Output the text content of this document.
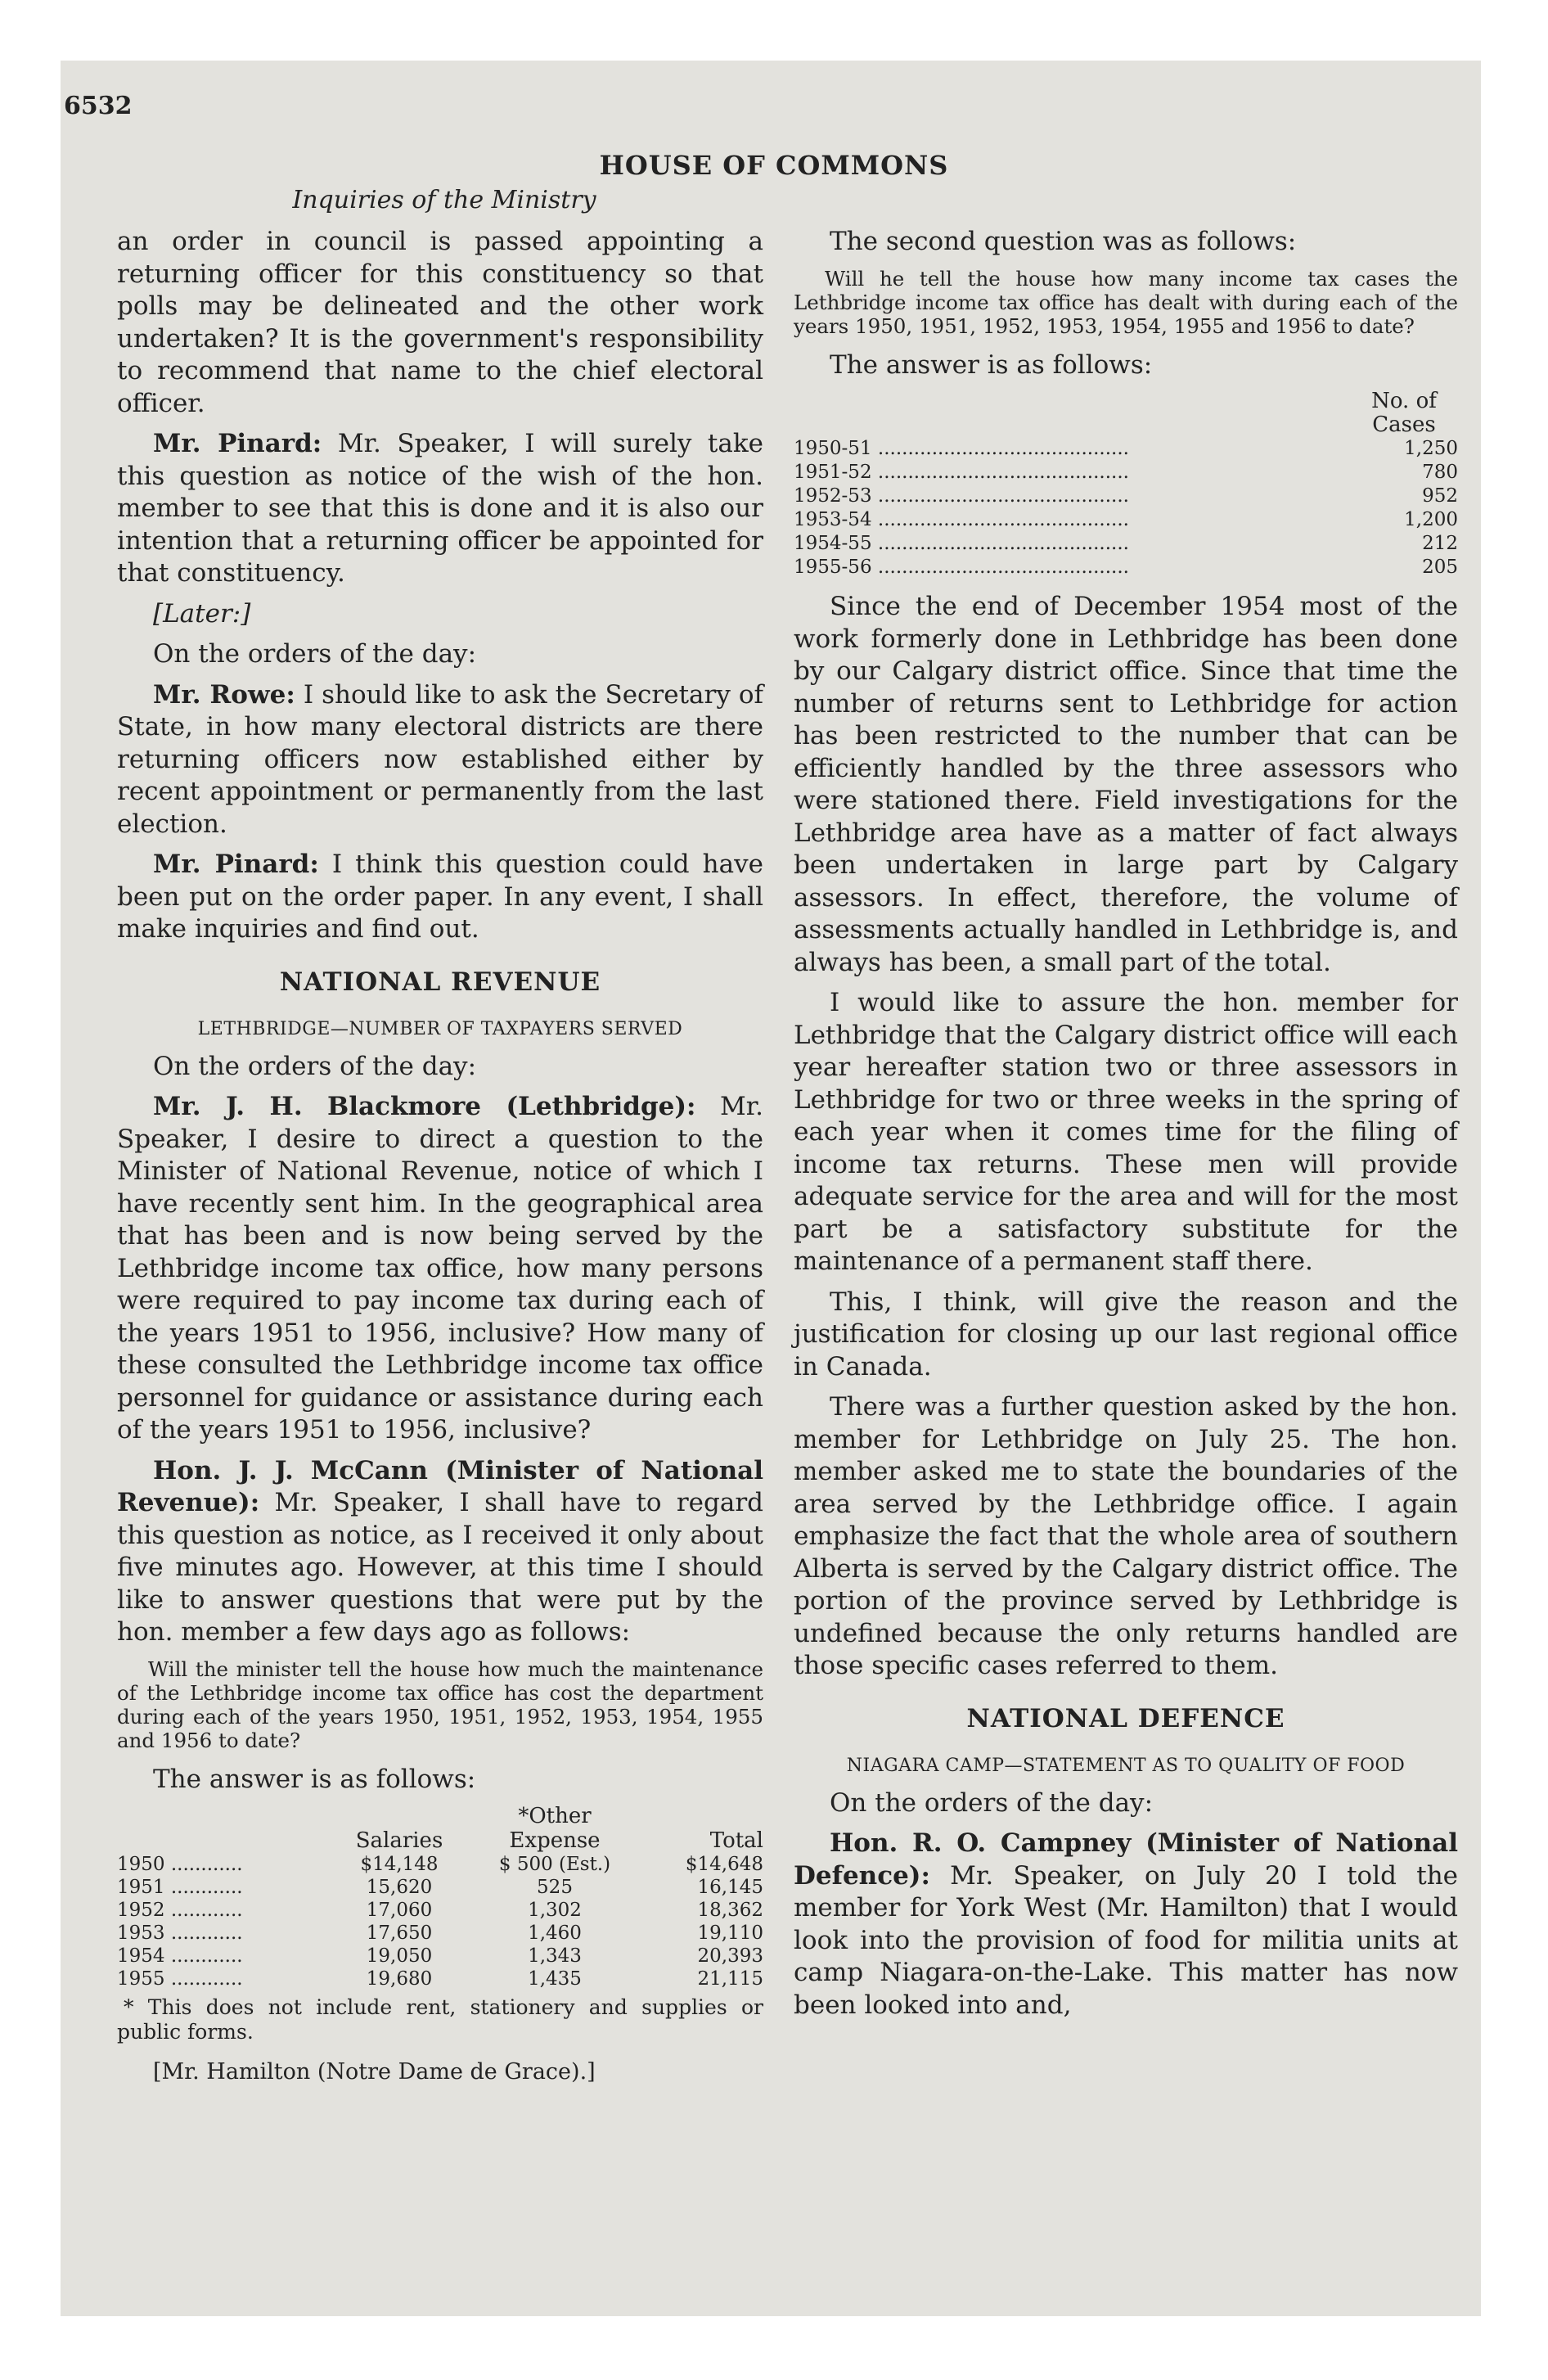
6532
HOUSE OF COMMONS
Inquiries of the Ministry

an order in council is passed appointing a returning officer for this constituency so that polls may be delineated and the other work undertaken? It is the government's responsibility to recommend that name to the chief electoral officer.

Mr. Pinard: Mr. Speaker, I will surely take this question as notice of the wish of the hon. member to see that this is done and it is also our intention that a returning officer be appointed for that constituency.

[Later:]

On the orders of the day:

Mr. Rowe: I should like to ask the Secretary of State, in how many electoral districts are there returning officers now established either by recent appointment or permanently from the last election.

Mr. Pinard: I think this question could have been put on the order paper. In any event, I shall make inquiries and find out.

NATIONAL REVENUE
LETHBRIDGE—NUMBER OF TAXPAYERS SERVED

On the orders of the day:

Mr. J. H. Blackmore (Lethbridge): Mr. Speaker, I desire to direct a question to the Minister of National Revenue, notice of which I have recently sent him. In the geographical area that has been and is now being served by the Lethbridge income tax office, how many persons were required to pay income tax during each of the years 1951 to 1956, inclusive? How many of these consulted the Lethbridge income tax office personnel for guidance or assistance during each of the years 1951 to 1956, inclusive?

Hon. J. J. McCann (Minister of National Revenue): Mr. Speaker, I shall have to regard this question as notice, as I received it only about five minutes ago. However, at this time I should like to answer questions that were put by the hon. member a few days ago as follows:

Will the minister tell the house how much the maintenance of the Lethbridge income tax office has cost the department during each of the years 1950, 1951, 1952, 1953, 1954, 1955 and 1956 to date?

The answer is as follows:

		*Other	
	Salaries	Expense	Total
1950 ............	$14,148	$ 500 (Est.)	$14,648
1951 ............	15,620	525	16,145
1952 ............	17,060	1,302	18,362
1953 ............	17,650	1,460	19,110
1954 ............	19,050	1,343	20,393
1955 ............	19,680	1,435	21,115
* This does not include rent, stationery and supplies or public forms.

[Mr. Hamilton (Notre Dame de Grace).]

The second question was as follows:

Will he tell the house how many income tax cases the Lethbridge income tax office has dealt with during each of the years 1950, 1951, 1952, 1953, 1954, 1955 and 1956 to date?

The answer is as follows:

	No. of
	Cases
1950-51 ..........................................	1,250
1951-52 ..........................................	780
1952-53 ..........................................	952
1953-54 ..........................................	1,200
1954-55 ..........................................	212
1955-56 ..........................................	205

Since the end of December 1954 most of the work formerly done in Lethbridge has been done by our Calgary district office. Since that time the number of returns sent to Lethbridge for action has been restricted to the number that can be efficiently handled by the three assessors who were stationed there. Field investigations for the Lethbridge area have as a matter of fact always been undertaken in large part by Calgary assessors. In effect, therefore, the volume of assessments actually handled in Lethbridge is, and always has been, a small part of the total.

I would like to assure the hon. member for Lethbridge that the Calgary district office will each year hereafter station two or three assessors in Lethbridge for two or three weeks in the spring of each year when it comes time for the filing of income tax returns. These men will provide adequate service for the area and will for the most part be a satisfactory substitute for the maintenance of a permanent staff there.

This, I think, will give the reason and the justification for closing up our last regional office in Canada.

There was a further question asked by the hon. member for Lethbridge on July 25. The hon. member asked me to state the boundaries of the area served by the Lethbridge office. I again emphasize the fact that the whole area of southern Alberta is served by the Calgary district office. The portion of the province served by Lethbridge is undefined because the only returns handled are those specific cases referred to them.

NATIONAL DEFENCE
NIAGARA CAMP—STATEMENT AS TO QUALITY OF FOOD

On the orders of the day:

Hon. R. O. Campney (Minister of National Defence): Mr. Speaker, on July 20 I told the member for York West (Mr. Hamilton) that I would look into the provision of food for militia units at camp Niagara-on-the-Lake. This matter has now been looked into and,
